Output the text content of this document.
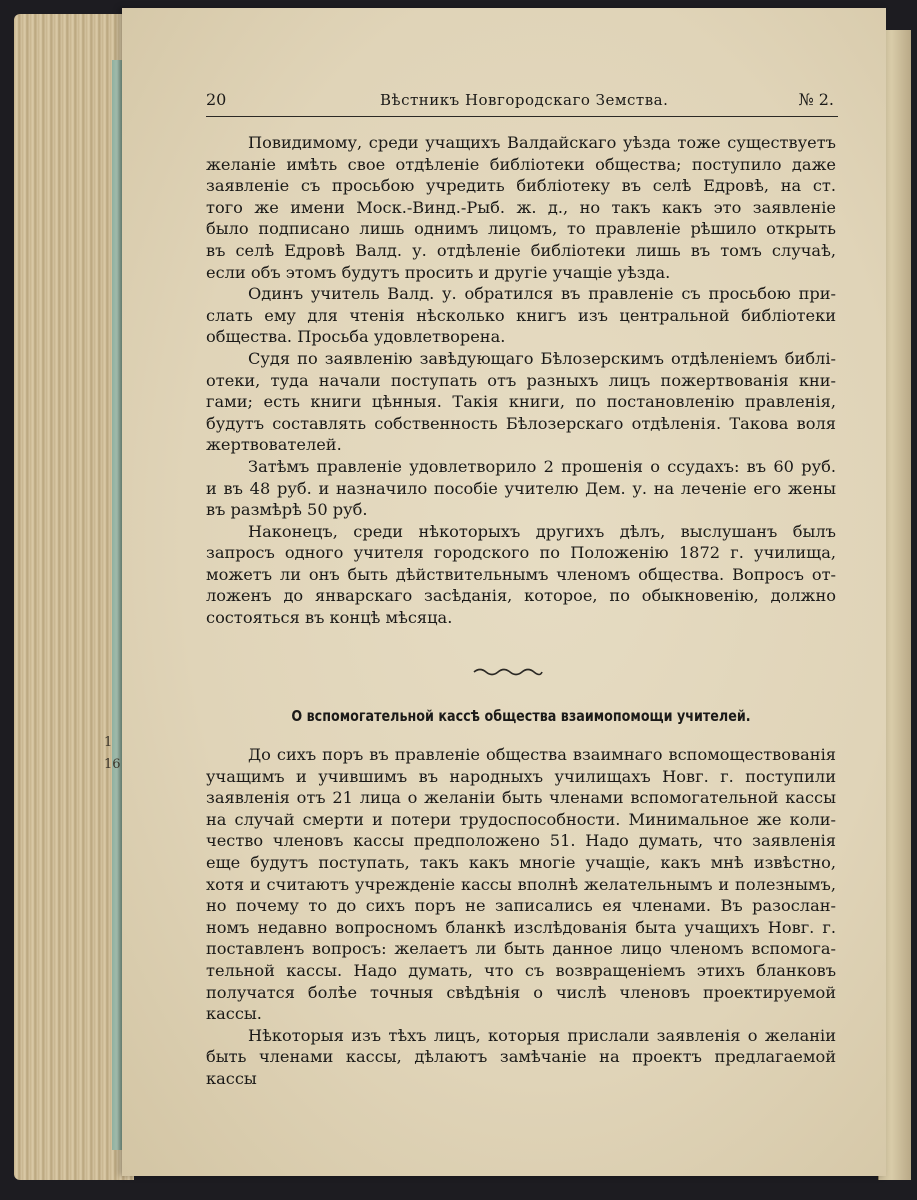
1
16
20	Вѣстникъ Новгородскаго Земства.	№ 2.

Повидимому, среди учащихъ Валдайскаго уѣзда тоже существуетъ

желаніе имѣть свое отдѣленіе библіотеки общества; поступило даже

заявленіе съ просьбою учредить библіотеку въ селѣ Едровѣ, на ст.

того же имени Моск.-Винд.-Рыб. ж. д., но такъ какъ это заявленіе

было подписано лишь однимъ лицомъ, то правленіе рѣшило открыть

въ селѣ Едровѣ Валд. у. отдѣленіе библіотеки лишь въ томъ случаѣ,

если объ этомъ будутъ просить и другіе учащіе уѣзда.

Одинъ учитель Валд. у. обратился въ правленіе съ просьбою при-

слать ему для чтенія нѣсколько книгъ изъ центральной библіотеки

общества. Просьба удовлетворена.

Судя по заявленію завѣдующаго Бѣлозерскимъ отдѣленіемъ библі-

отеки, туда начали поступать отъ разныхъ лицъ пожертвованія кни-

гами; есть книги цѣнныя. Такія книги, по постановленію правленія,

будутъ составлять собственность Бѣлозерскаго отдѣленія. Такова воля

жертвователей.

Затѣмъ правленіе удовлетворило 2 прошенія о ссудахъ: въ 60 руб.

и въ 48 руб. и назначило пособіе учителю Дем. у. на леченіе его жены

въ размѣрѣ 50 руб.

Наконецъ, среди нѣкоторыхъ другихъ дѣлъ, выслушанъ былъ

запросъ одного учителя городского по Положенію 1872 г. училища,

можетъ ли онъ быть дѣйствительнымъ членомъ общества. Вопросъ от-

ложенъ до январскаго засѣданія, которое, по обыкновенію, должно

состояться въ концѣ мѣсяца.

О вспомогательной кассѣ общества взаимопомощи учителей.

До сихъ поръ въ правленіе общества взаимнаго вспомоществованія

учащимъ и учившимъ въ народныхъ училищахъ Новг. г. поступили

заявленія отъ 21 лица о желаніи быть членами вспомогательной кассы

на случай смерти и потери трудоспособности. Минимальное же коли-

чество членовъ кассы предположено 51. Надо думать, что заявленія

еще будутъ поступать, такъ какъ многіе учащіе, какъ мнѣ извѣстно,

хотя и считаютъ учрежденіе кассы вполнѣ желательнымъ и полезнымъ,

но почему то до сихъ поръ не записались ея членами. Въ разослан-

номъ недавно вопросномъ бланкѣ изслѣдованія быта учащихъ Новг. г.

поставленъ вопросъ: желаетъ ли быть данное лицо членомъ вспомога-

тельной кассы. Надо думать, что съ возвращеніемъ этихъ бланковъ

получатся болѣе точныя свѣдѣнія о числѣ членовъ проектируемой кассы.

Нѣкоторыя изъ тѣхъ лицъ, которыя прислали заявленія о желаніи

быть членами кассы, дѣлаютъ замѣчаніе на проектъ предлагаемой кассы
